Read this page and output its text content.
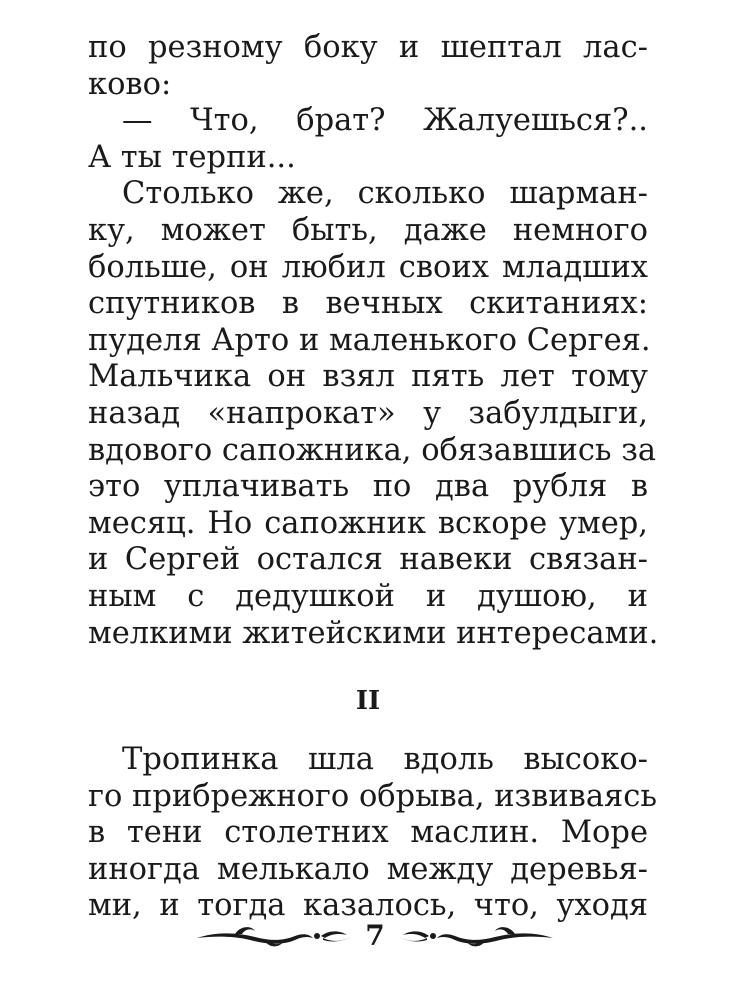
по резному боку и шептал лас-
ково:
— Что, брат? Жалуешься?..
А ты терпи...
Столько же, сколько шарман-
ку, может быть, даже немного
больше, он любил своих младших
спутников в вечных скитаниях:
пуделя Арто и маленького Сергея.
Мальчика он взял пять лет тому
назад «напрокат» у забулдыги,
вдового сапожника, обязавшись за
это уплачивать по два рубля в
месяц. Но сапожник вскоре умер,
и Сергей остался навеки связан-
ным с дедушкой и душою, и
мелкими житейскими интересами.
II
Тропинка шла вдоль высоко-
го прибрежного обрыва, извиваясь
в тени столетних маслин. Море
иногда мелькало между деревья-
ми, и тогда казалось, что, уходя
7
